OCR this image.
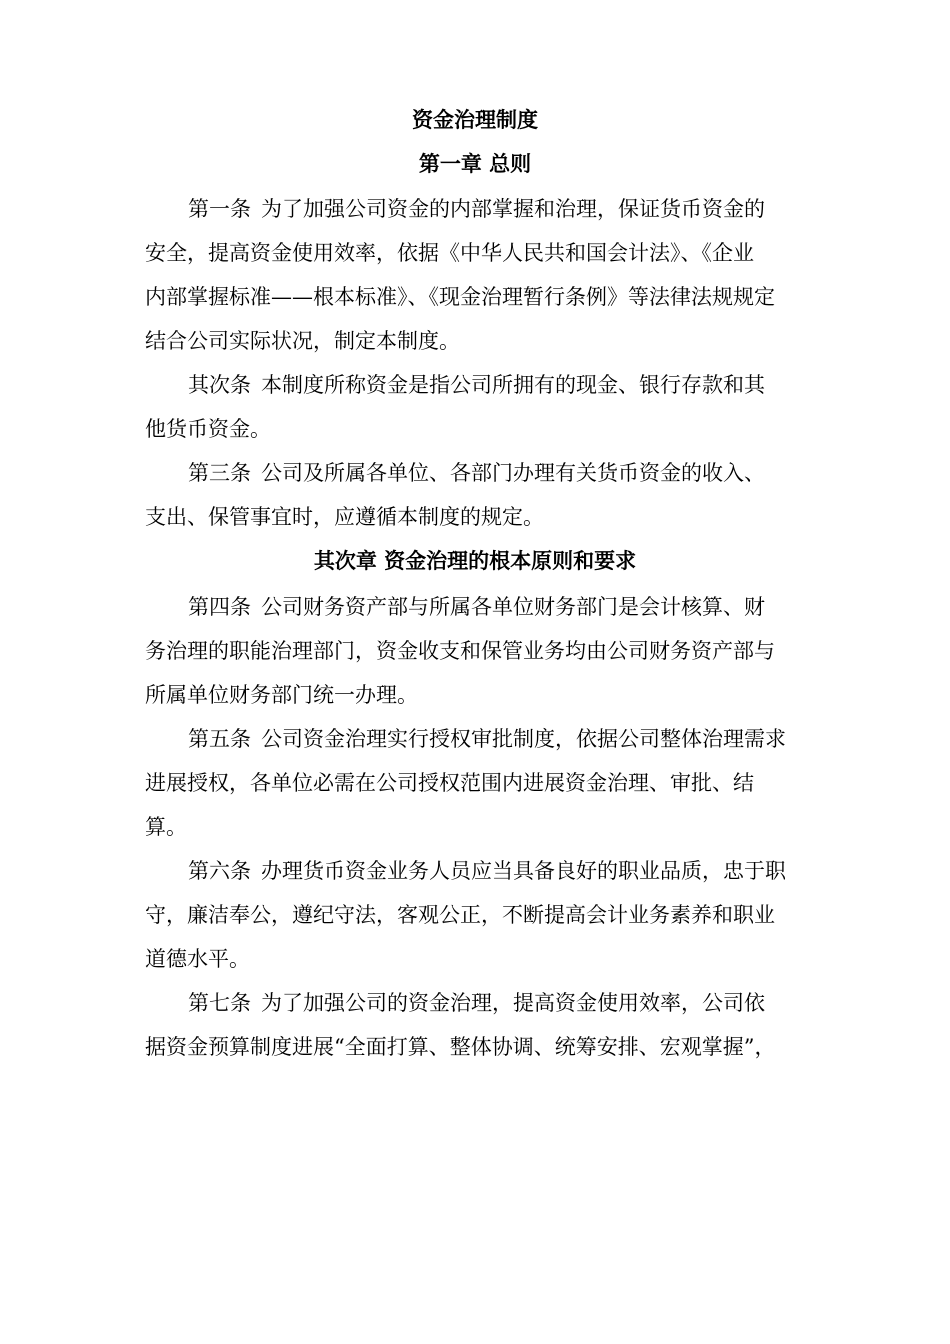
资金治理制度
第一章 总则
第一条 为了加强公司资金的内部掌握和治理，保证货币资金的
安全，提高资金使用效率，依据《中华人民共和国会计法》、《企业
内部掌握标准——根本标准》、《现金治理暂行条例》等法律法规规定
结合公司实际状况，制定本制度。
其次条 本制度所称资金是指公司所拥有的现金、银行存款和其
他货币资金。
第三条 公司及所属各单位、各部门办理有关货币资金的收入、
支出、保管事宜时，应遵循本制度的规定。
其次章 资金治理的根本原则和要求
第四条 公司财务资产部与所属各单位财务部门是会计核算、财
务治理的职能治理部门，资金收支和保管业务均由公司财务资产部与
所属单位财务部门统一办理。
第五条 公司资金治理实行授权审批制度，依据公司整体治理需求
进展授权，各单位必需在公司授权范围内进展资金治理、审批、结
算。
第六条 办理货币资金业务人员应当具备良好的职业品质，忠于职
守，廉洁奉公，遵纪守法，客观公正，不断提高会计业务素养和职业
道德水平。
第七条 为了加强公司的资金治理，提高资金使用效率，公司依
据资金预算制度进展“全面打算、整体协调、统筹安排、宏观掌握”，
